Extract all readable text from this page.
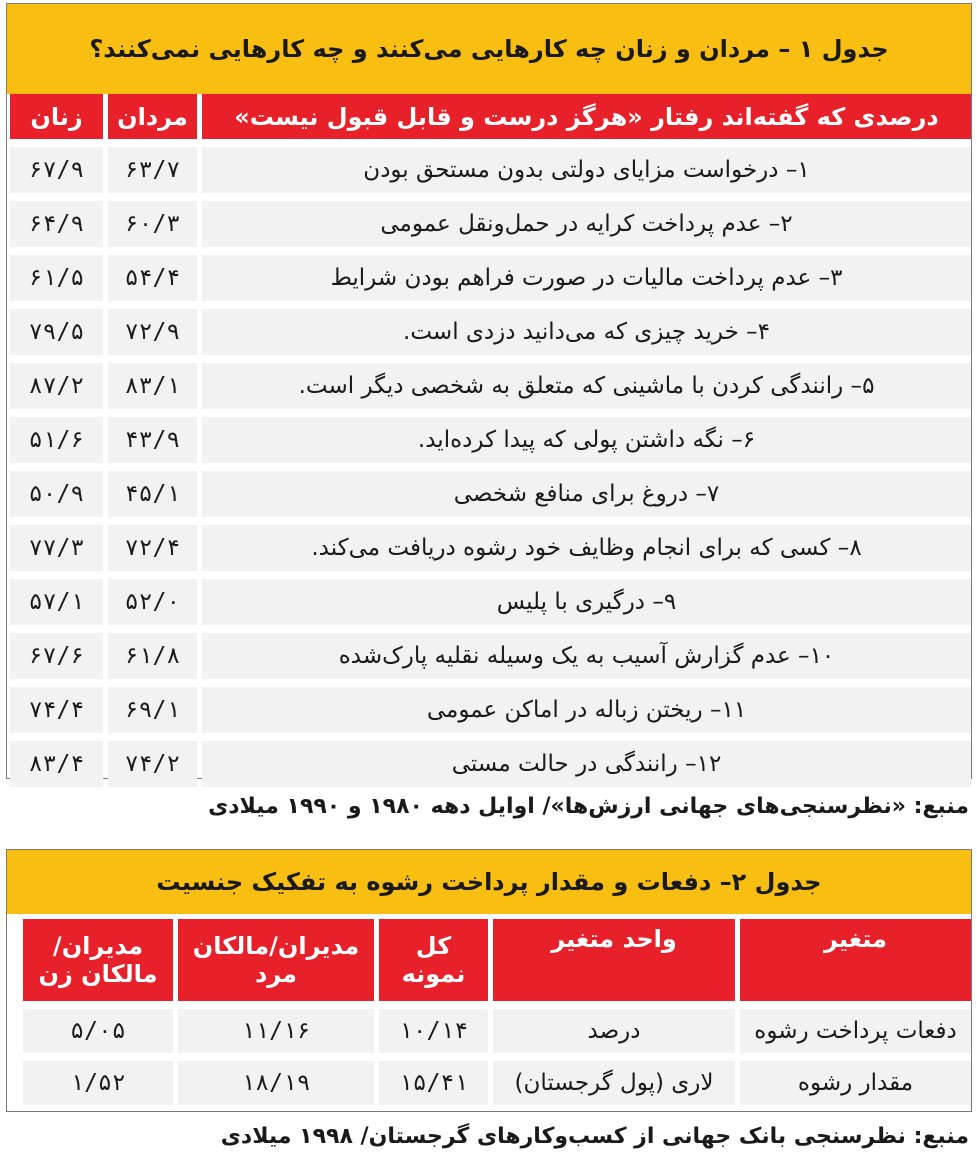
جدول ۱ – مردان و زنان چه کارهایی می‌کنند و چه کارهایی نمی‌کنند؟
درصدی که گفته‌اند رفتار «هرگز درست و قابل قبول نیست»
مردان
زنان
۱– درخواست مزایای دولتی بدون مستحق بودن
۶۳/۷
۶۷/۹
۲– عدم پرداخت کرایه در حمل‌ونقل عمومی
۶۰/۳
۶۴/۹
۳– عدم پرداخت مالیات در صورت فراهم بودن شرایط
۵۴/۴
۶۱/۵
۴– خرید چیزی که می‌دانید دزدی است.
۷۲/۹
۷۹/۵
۵– رانندگی کردن با ماشینی که متعلق به شخصی دیگر است.
۸۳/۱
۸۷/۲
۶– نگه داشتن پولی که پیدا کرده‌اید.
۴۳/۹
۵۱/۶
۷– دروغ برای منافع شخصی
۴۵/۱
۵۰/۹
۸– کسی که برای انجام وظایف خود رشوه دریافت می‌کند.
۷۲/۴
۷۷/۳
۹– درگیری با پلیس
۵۲/۰
۵۷/۱
۱۰– عدم گزارش آسیب به یک وسیله نقلیه پارک‌شده
۶۱/۸
۶۷/۶
۱۱– ریختن زباله در اماکن عمومی
۶۹/۱
۷۴/۴
۱۲– رانندگی در حالت مستی
۷۴/۲
۸۳/۴
منبع: «نظرسنجی‌های جهانی ارزش‌ها»/ اوایل دهه ۱۹۸۰ و ۱۹۹۰ میلادی
جدول ۲– دفعات و مقدار پرداخت رشوه به تفکیک جنسیت
متغیر
واحد متغیر
کل نمونه
مدیران/مالکان مرد
مدیران/ مالکان زن
دفعات پرداخت رشوه
درصد
۱۰/۱۴
۱۱/۱۶
۵/۰۵
مقدار رشوه
لاری (پول گرجستان)
۱۵/۴۱
۱۸/۱۹
۱/۵۲
منبع: نظرسنجی بانک جهانی از کسب‌وکارهای گرجستان/ ۱۹۹۸ میلادی
